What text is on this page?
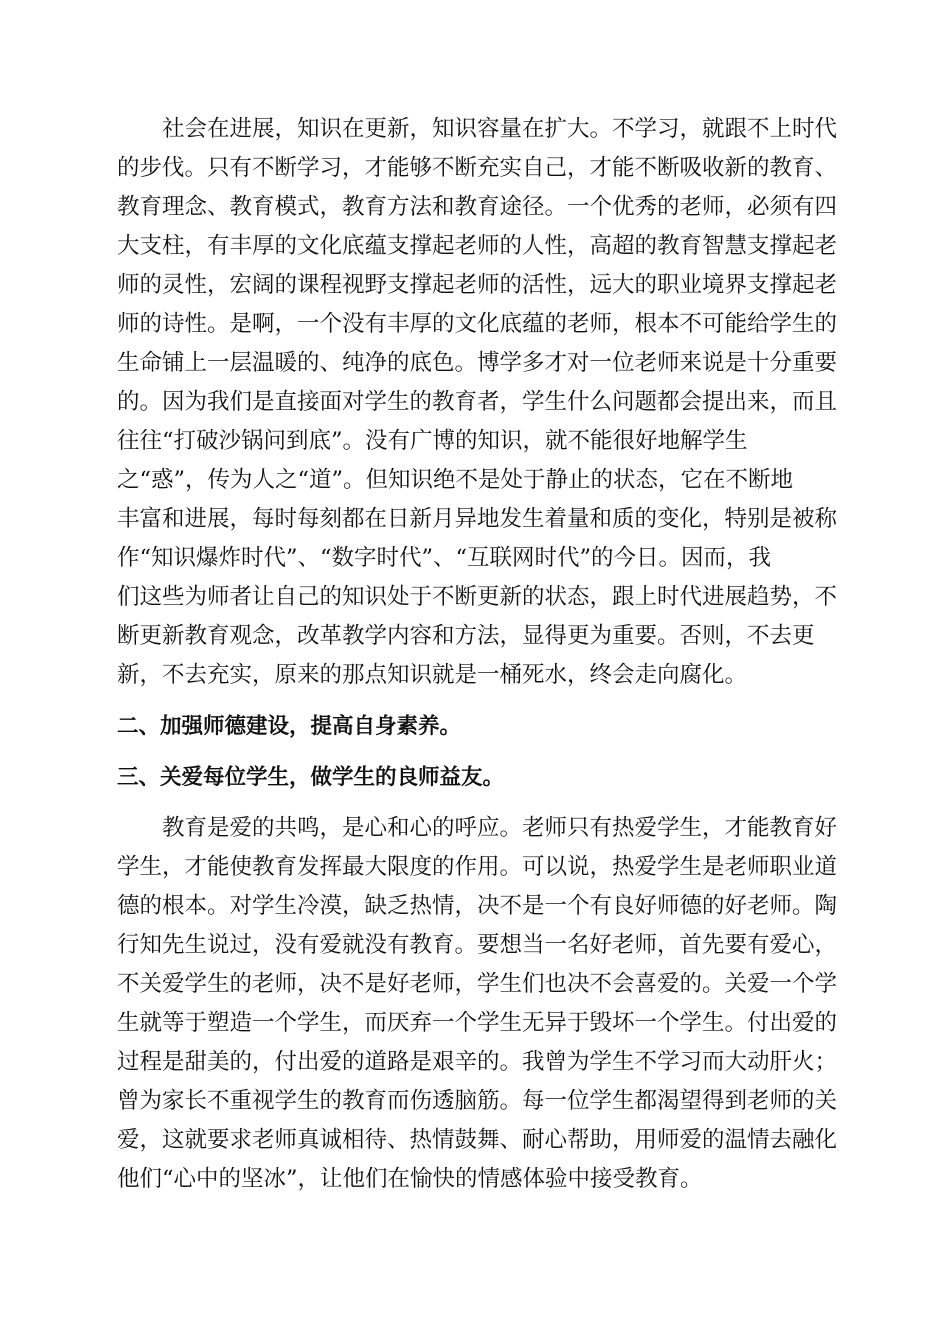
社会在进展，知识在更新，知识容量在扩大。不学习，就跟不上时代

的步伐。只有不断学习，才能够不断充实自己，才能不断吸收新的教育、

教育理念、教育模式，教育方法和教育途径。一个优秀的老师，必须有四

大支柱，有丰厚的文化底蕴支撑起老师的人性，高超的教育智慧支撑起老

师的灵性，宏阔的课程视野支撑起老师的活性，远大的职业境界支撑起老

师的诗性。是啊，一个没有丰厚的文化底蕴的老师，根本不可能给学生的

生命铺上一层温暖的、纯净的底色。博学多才对一位老师来说是十分重要

的。因为我们是直接面对学生的教育者，学生什么问题都会提出来，而且

往往“打破沙锅问到底”。没有广博的知识，就不能很好地解学生

之“惑”，传为人之“道”。但知识绝不是处于静止的状态，它在不断地

丰富和进展，每时每刻都在日新月异地发生着量和质的变化，特别是被称

作“知识爆炸时代”、“数字时代”、“互联网时代”的今日。因而，我

们这些为师者让自己的知识处于不断更新的状态，跟上时代进展趋势，不

断更新教育观念，改革教学内容和方法，显得更为重要。否则，不去更

新，不去充实，原来的那点知识就是一桶死水，终会走向腐化。

二、加强师德建设，提高自身素养。
三、关爱每位学生，做学生的良师益友。

教育是爱的共鸣，是心和心的呼应。老师只有热爱学生，才能教育好

学生，才能使教育发挥最大限度的作用。可以说，热爱学生是老师职业道

德的根本。对学生冷漠，缺乏热情，决不是一个有良好师德的好老师。陶

行知先生说过，没有爱就没有教育。要想当一名好老师，首先要有爱心，

不关爱学生的老师，决不是好老师，学生们也决不会喜爱的。关爱一个学

生就等于塑造一个学生，而厌弃一个学生无异于毁坏一个学生。付出爱的

过程是甜美的，付出爱的道路是艰辛的。我曾为学生不学习而大动肝火；

曾为家长不重视学生的教育而伤透脑筋。每一位学生都渴望得到老师的关

爱，这就要求老师真诚相待、热情鼓舞、耐心帮助，用师爱的温情去融化

他们“心中的坚冰”，让他们在愉快的情感体验中接受教育。
